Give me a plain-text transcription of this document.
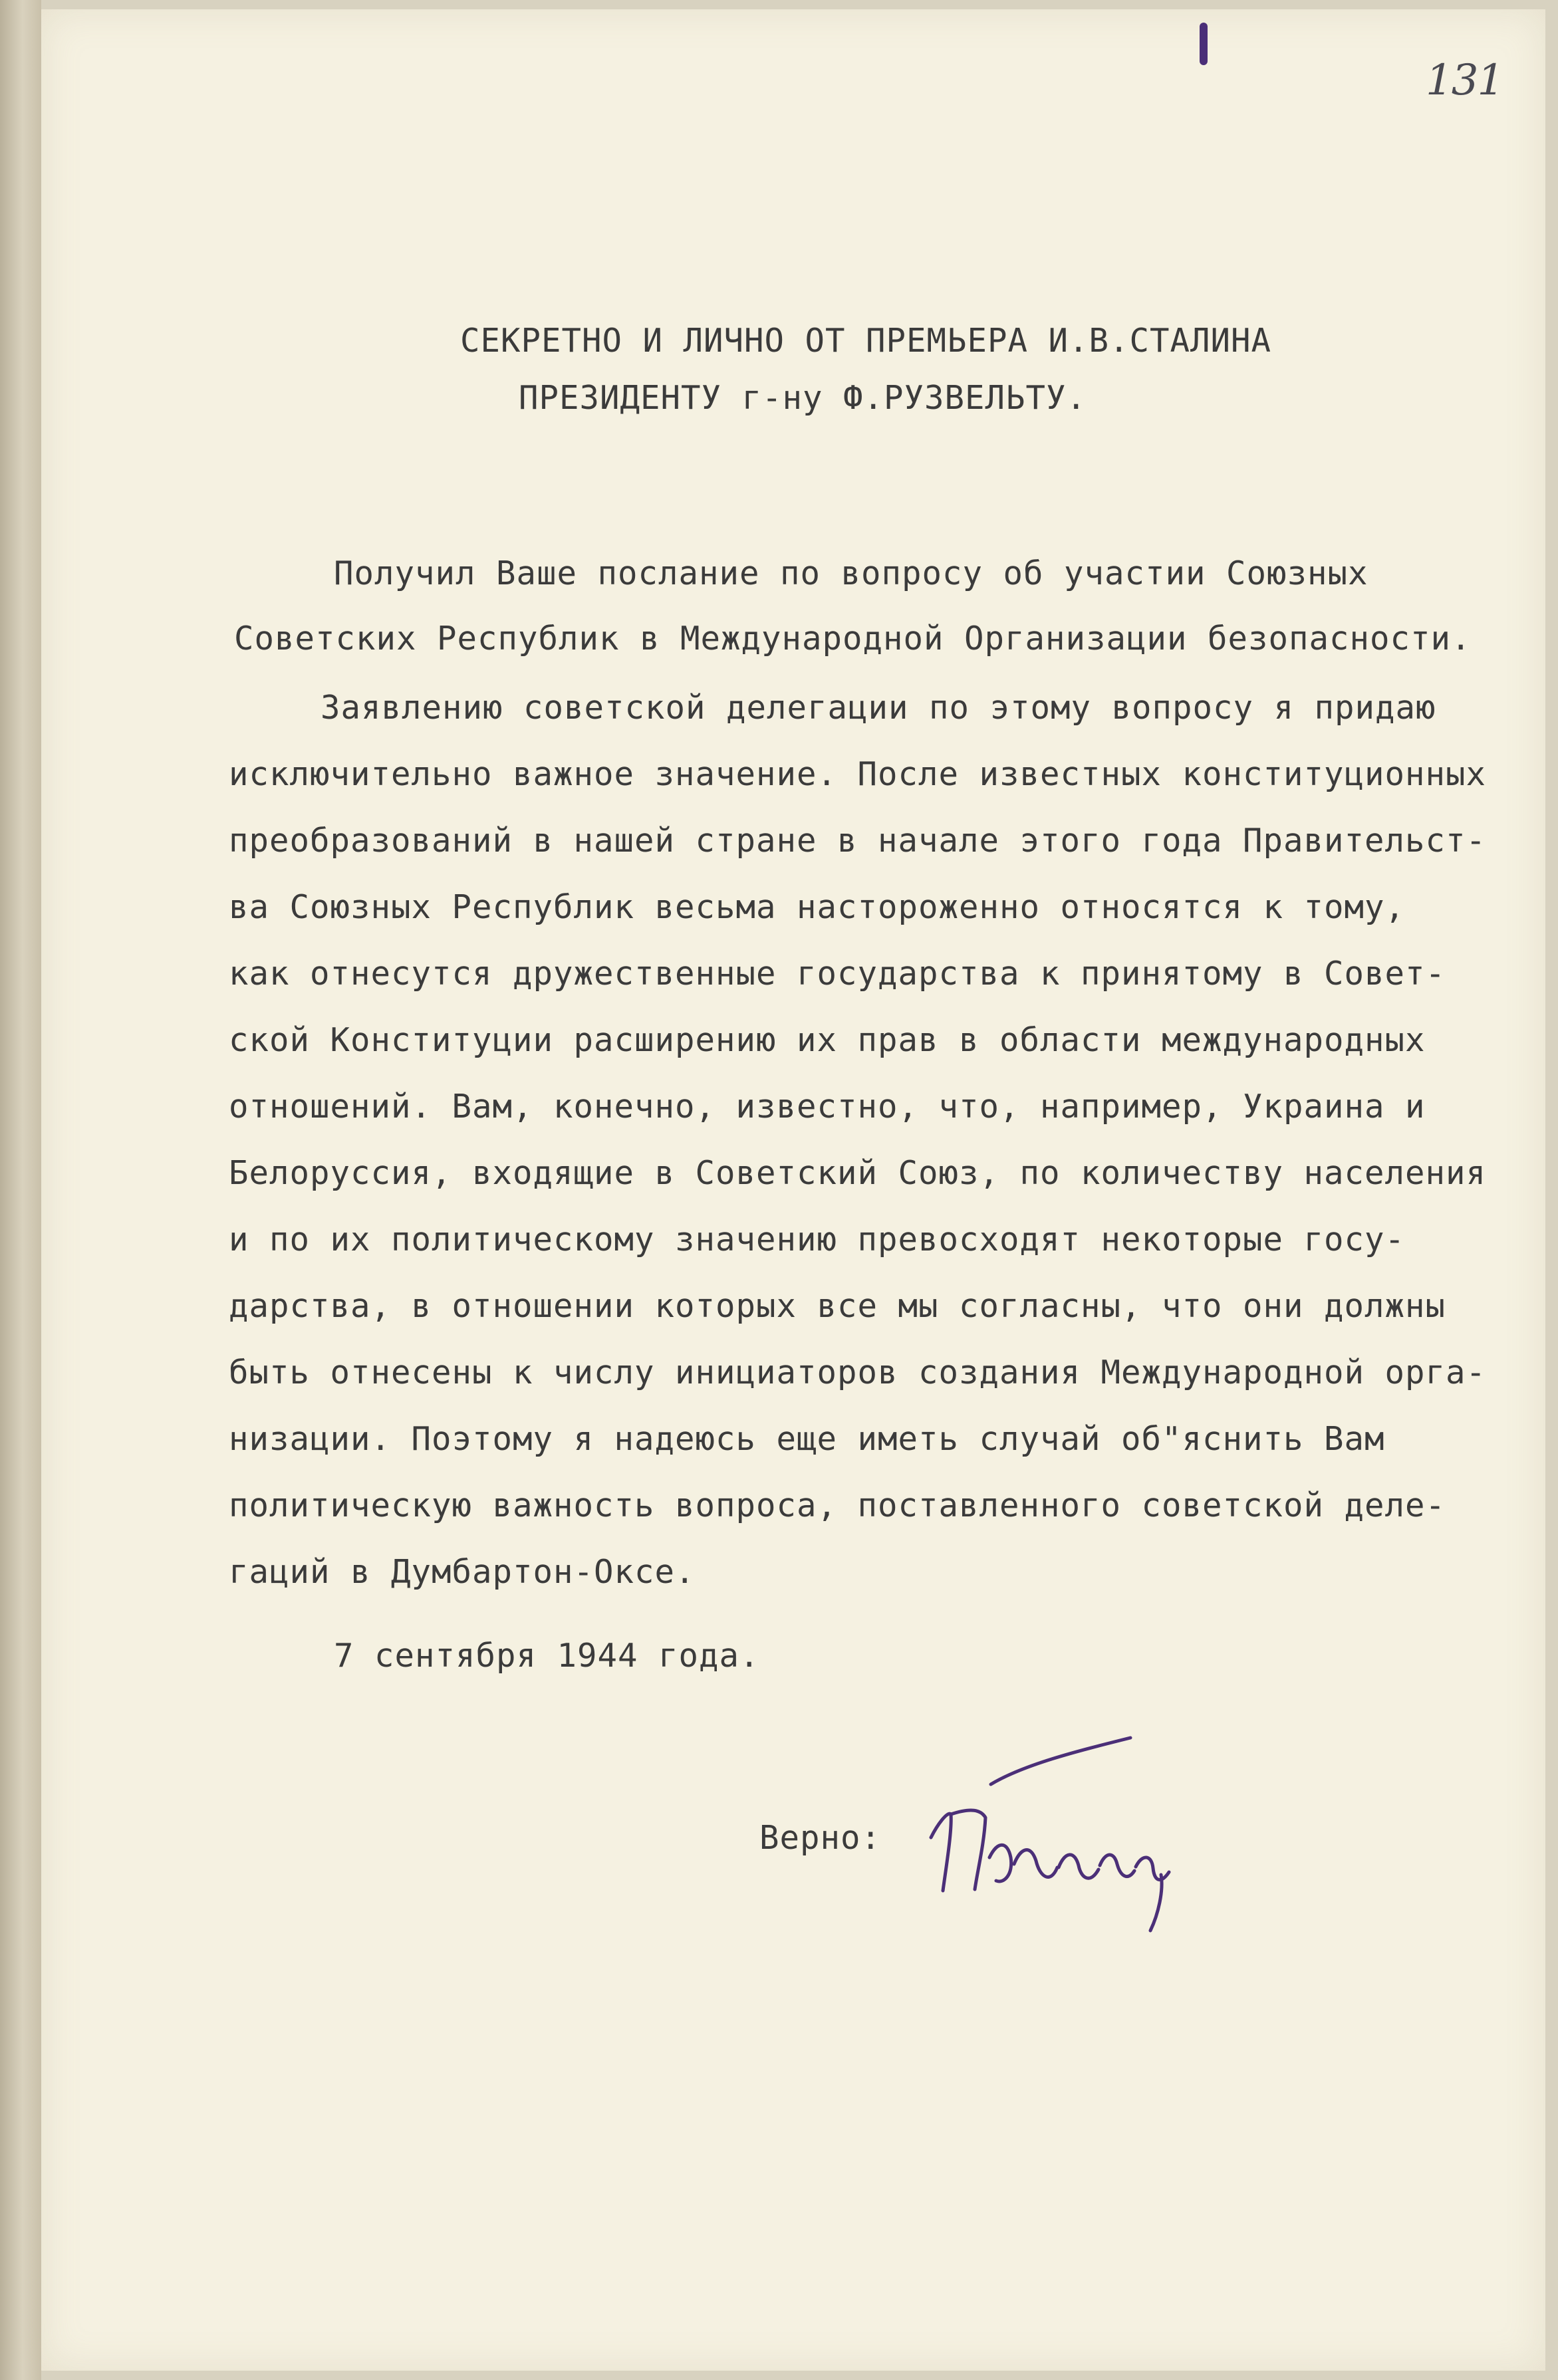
131
СЕКРЕТНО И ЛИЧНО ОТ ПРЕМЬЕРА И.В.СТАЛИНА
ПРЕЗИДЕНТУ г-ну Ф.РУЗВЕЛЬТУ.
Получил Ваше послание по вопросу об участии Союзных
Советских Республик в Международной Организации безопасности.
Заявлению советской делегации по этому вопросу я придаю
исключительно важное значение. После известных конституционных
преобразований в нашей стране в начале этого года Правительст-
ва Союзных Республик весьма настороженно относятся к тому,
как отнесутся дружественные государства к принятому в Совет-
ской Конституции расширению их прав в области международных
отношений. Вам, конечно, известно, что, например, Украина и
Белоруссия, входящие в Советский Союз, по количеству населения
и по их политическому значению превосходят некоторые госу-
дарства, в отношении которых все мы согласны, что они должны
быть отнесены к числу инициаторов создания Международной орга-
низации. Поэтому я надеюсь еще иметь случай об"яснить Вам
политическую важность вопроса, поставленного советской деле-
гаций в Думбартон-Оксе.
7 сентября 1944 года.
Верно:
